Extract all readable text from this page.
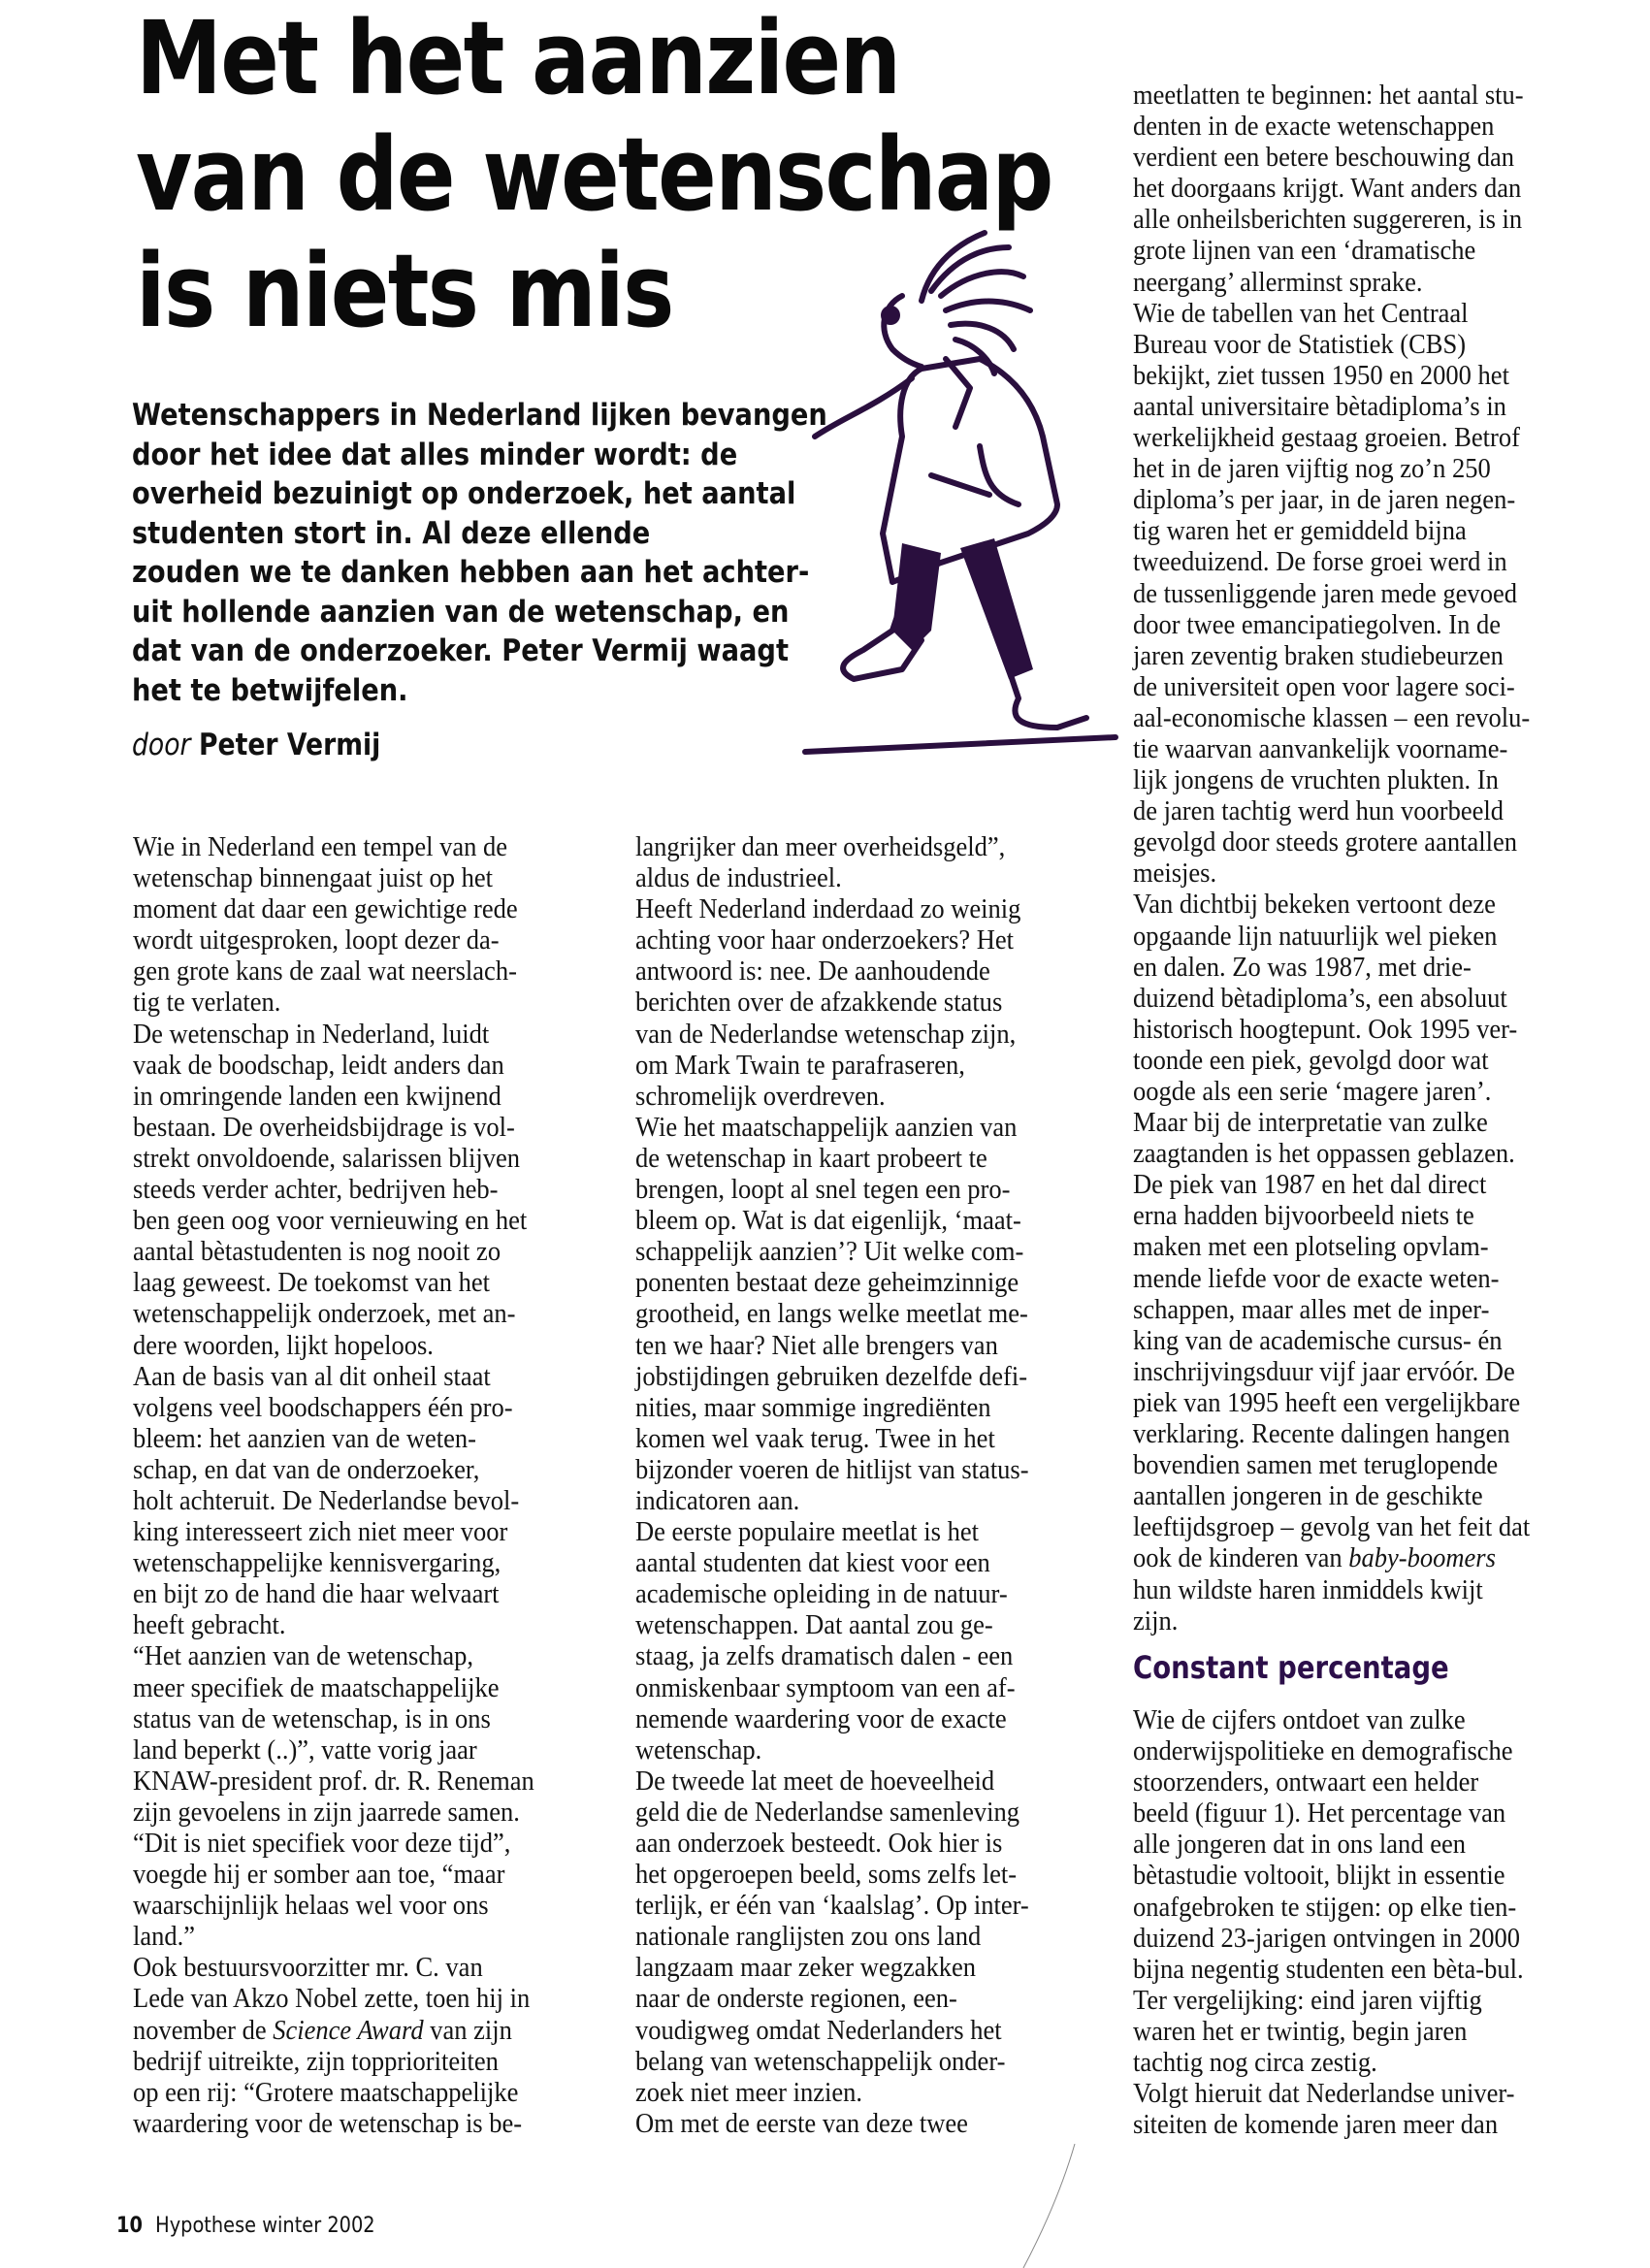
Met het aanzien
van de wetenschap
is niets mis
Wetenschappers in Nederland lijken bevangen
door het idee dat alles minder wordt: de
overheid bezuinigt op onderzoek, het aantal
studenten stort in. Al deze ellende
zouden we te danken hebben aan het achter-
uit hollende aanzien van de wetenschap, en
dat van de onderzoeker. Peter Vermij waagt
het te betwijfelen.
door Peter Vermij
Wie in Nederland een tempel van de
wetenschap binnengaat juist op het
moment dat daar een gewichtige rede
wordt uitgesproken, loopt dezer da-
gen grote kans de zaal wat neerslach-
tig te verlaten.
De wetenschap in Nederland, luidt
vaak de boodschap, leidt anders dan
in omringende landen een kwijnend
bestaan. De overheidsbijdrage is vol-
strekt onvoldoende, salarissen blijven
steeds verder achter, bedrijven heb-
ben geen oog voor vernieuwing en het
aantal bètastudenten is nog nooit zo
laag geweest. De toekomst van het
wetenschappelijk onderzoek, met an-
dere woorden, lijkt hopeloos.
Aan de basis van al dit onheil staat
volgens veel boodschappers één pro-
bleem: het aanzien van de weten-
schap, en dat van de onderzoeker,
holt achteruit. De Nederlandse bevol-
king interesseert zich niet meer voor
wetenschappelijke kennisvergaring,
en bijt zo de hand die haar welvaart
heeft gebracht.
“Het aanzien van de wetenschap,
meer specifiek de maatschappelijke
status van de wetenschap, is in ons
land beperkt (..)”, vatte vorig jaar
KNAW-president prof. dr. R. Reneman
zijn gevoelens in zijn jaarrede samen.
“Dit is niet specifiek voor deze tijd”,
voegde hij er somber aan toe, “maar
waarschijnlijk helaas wel voor ons
land.”
Ook bestuursvoorzitter mr. C. van
Lede van Akzo Nobel zette, toen hij in
november de Science Award van zijn
bedrijf uitreikte, zijn topprioriteiten
op een rij: “Grotere maatschappelijke
waardering voor de wetenschap is be-
langrijker dan meer overheidsgeld”,
aldus de industrieel.
Heeft Nederland inderdaad zo weinig
achting voor haar onderzoekers? Het
antwoord is: nee. De aanhoudende
berichten over de afzakkende status
van de Nederlandse wetenschap zijn,
om Mark Twain te parafraseren,
schromelijk overdreven.
Wie het maatschappelijk aanzien van
de wetenschap in kaart probeert te
brengen, loopt al snel tegen een pro-
bleem op. Wat is dat eigenlijk, ‘maat-
schappelijk aanzien’? Uit welke com-
ponenten bestaat deze geheimzinnige
grootheid, en langs welke meetlat me-
ten we haar? Niet alle brengers van
jobstijdingen gebruiken dezelfde defi-
nities, maar sommige ingrediënten
komen wel vaak terug. Twee in het
bijzonder voeren de hitlijst van status-
indicatoren aan.
De eerste populaire meetlat is het
aantal studenten dat kiest voor een
academische opleiding in de natuur-
wetenschappen. Dat aantal zou ge-
staag, ja zelfs dramatisch dalen - een
onmiskenbaar symptoom van een af-
nemende waardering voor de exacte
wetenschap.
De tweede lat meet de hoeveelheid
geld die de Nederlandse samenleving
aan onderzoek besteedt. Ook hier is
het opgeroepen beeld, soms zelfs let-
terlijk, er één van ‘kaalslag’. Op inter-
nationale ranglijsten zou ons land
langzaam maar zeker wegzakken
naar de onderste regionen, een-
voudigweg omdat Nederlanders het
belang van wetenschappelijk onder-
zoek niet meer inzien.
Om met de eerste van deze twee
meetlatten te beginnen: het aantal stu-
denten in de exacte wetenschappen
verdient een betere beschouwing dan
het doorgaans krijgt. Want anders dan
alle onheilsberichten suggereren, is in
grote lijnen van een ‘dramatische
neergang’ allerminst sprake.
Wie de tabellen van het Centraal
Bureau voor de Statistiek (CBS)
bekijkt, ziet tussen 1950 en 2000 het
aantal universitaire bètadiploma’s in
werkelijkheid gestaag groeien. Betrof
het in de jaren vijftig nog zo’n 250
diploma’s per jaar, in de jaren negen-
tig waren het er gemiddeld bijna
tweeduizend. De forse groei werd in
de tussenliggende jaren mede gevoed
door twee emancipatiegolven. In de
jaren zeventig braken studiebeurzen
de universiteit open voor lagere soci-
aal-economische klassen – een revolu-
tie waarvan aanvankelijk voorname-
lijk jongens de vruchten plukten. In
de jaren tachtig werd hun voorbeeld
gevolgd door steeds grotere aantallen
meisjes.
Van dichtbij bekeken vertoont deze
opgaande lijn natuurlijk wel pieken
en dalen. Zo was 1987, met drie-
duizend bètadiploma’s, een absoluut
historisch hoogtepunt. Ook 1995 ver-
toonde een piek, gevolgd door wat
oogde als een serie ‘magere jaren’.
Maar bij de interpretatie van zulke
zaagtanden is het oppassen geblazen.
De piek van 1987 en het dal direct
erna hadden bijvoorbeeld niets te
maken met een plotseling opvlam-
mende liefde voor de exacte weten-
schappen, maar alles met de inper-
king van de academische cursus- én
inschrijvingsduur vijf jaar ervóór. De
piek van 1995 heeft een vergelijkbare
verklaring. Recente dalingen hangen
bovendien samen met teruglopende
aantallen jongeren in de geschikte
leeftijdsgroep – gevolg van het feit dat
ook de kinderen van baby-boomers
hun wildste haren inmiddels kwijt
zijn.
Constant percentage
Wie de cijfers ontdoet van zulke
onderwijspolitieke en demografische
stoorzenders, ontwaart een helder
beeld (figuur 1). Het percentage van
alle jongeren dat in ons land een
bètastudie voltooit, blijkt in essentie
onafgebroken te stijgen: op elke tien-
duizend 23-jarigen ontvingen in 2000
bijna negentig studenten een bèta-bul.
Ter vergelijking: eind jaren vijftig
waren het er twintig, begin jaren
tachtig nog circa zestig.
Volgt hieruit dat Nederlandse univer-
siteiten de komende jaren meer dan
10 Hypothese winter 2002
